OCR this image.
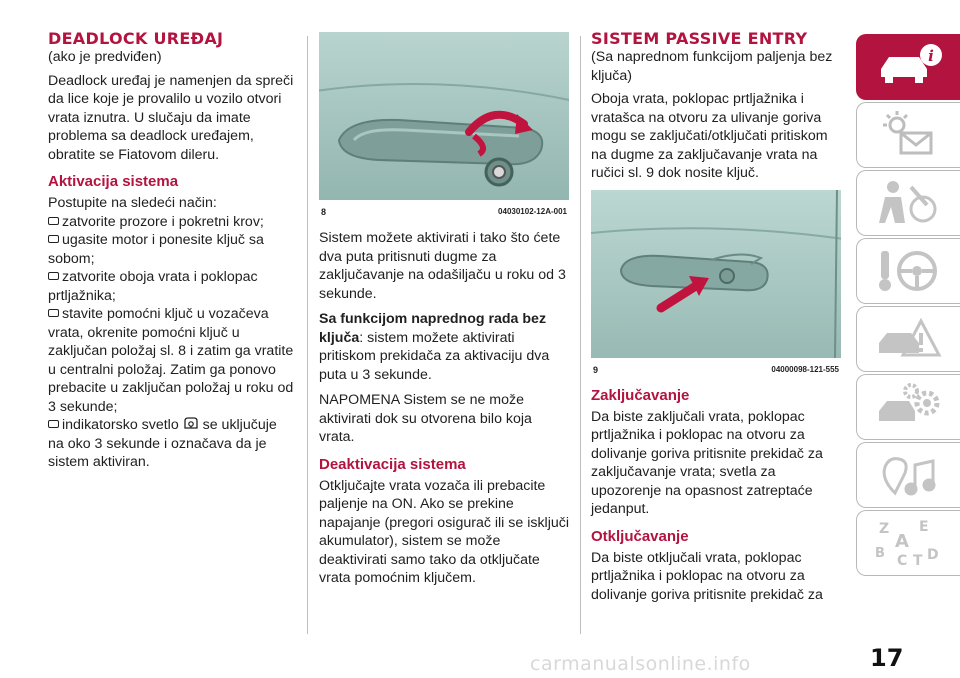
DEADLOCK UREĐAJ

(ako je predviđen)

Deadlock uređaj je namenjen da spreči da lice koje je provalilo u vozilo otvori vrata iznutra. U slučaju da imate problema sa deadlock uređajem, obratite se Fiatovom dileru.

Aktivacija sistema

Postupite na sledeći način:

zatvorite prozore i pokretni krov;

ugasite motor i ponesite ključ sa sobom;

zatvorite oboja vrata i poklopac prtljažnika;

stavite pomoćni ključ u vozačeva vrata, okrenite pomoćni ključ u zaključan položaj sl. 8 i zatim ga vratite u centralni položaj. Zatim ga ponovo prebacite u zaključan položaj u roku od 3 sekunde;

indikatorsko svetlo se uključuje na oko 3 sekunde i označava da je sistem aktiviran.

8	04030102-12A-001

Sistem možete aktivirati i tako što ćete dva puta pritisnuti dugme za zaključavanje na odašiljaču u roku od 3 sekunde.

Sa funkcijom naprednog rada bez ključa: sistem možete aktivirati pritiskom prekidača za aktivaciju dva puta u 3 sekunde.

NAPOMENA Sistem se ne može aktivirati dok su otvorena bilo koja vrata.

Deaktivacija sistema

Otključajte vrata vozača ili prebacite paljenje na ON. Ako se prekine napajanje (pregori osigurač ili se isključi akumulator), sistem se može deaktivirati samo tako da otključate vrata pomoćnim ključem.

SISTEM PASSIVE ENTRY

(Sa naprednom funkcijom paljenja bez ključa)

Oboja vrata, poklopac prtljažnika i vratašca na otvoru za ulivanje goriva mogu se zaključati/otključati pritiskom na dugme za zaključavanje vrata na ručici sl. 9 dok nosite ključ.

9	04000098-121-555
Zaključavanje

Da biste zaključali vrata, poklopac prtljažnika i poklopac na otvoru za dolivanje goriva pritisnite prekidač za zaključavanje vrata; svetla za upozorenje na opasnost zatreptaće jedanput.

Otključavanje

Da biste otključali vrata, poklopac prtljažnika i poklopac na otvoru za dolivanje goriva pritisnite prekidač za

i
Z E
A
B C T D
carmanualsonline.info	17
